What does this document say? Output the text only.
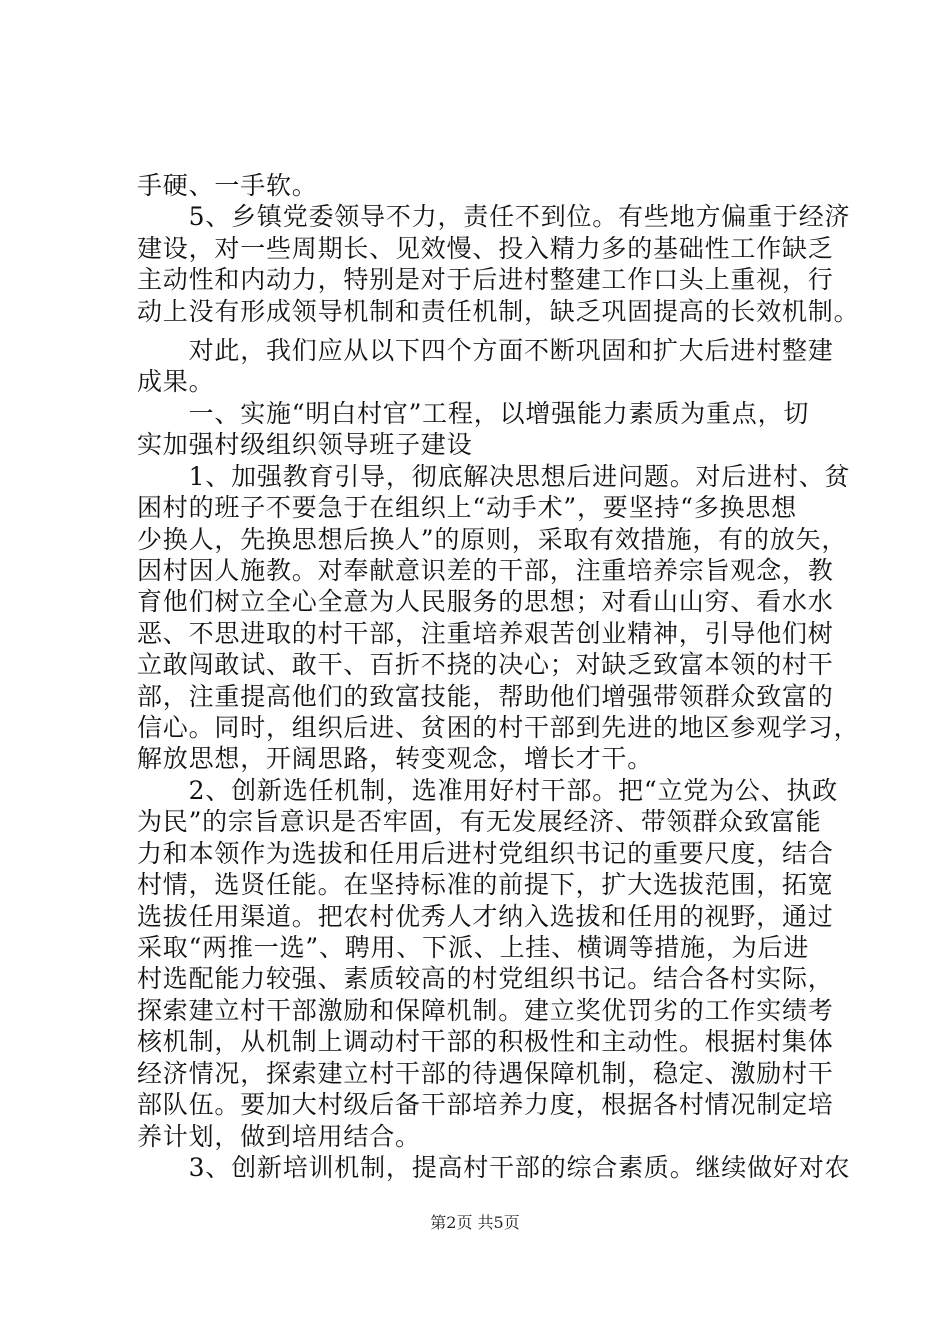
手硬、一手软。
　　5、乡镇党委领导不力，责任不到位。有些地方偏重于经济
建设，对一些周期长、见效慢、投入精力多的基础性工作缺乏
主动性和内动力，特别是对于后进村整建工作口头上重视，行
动上没有形成领导机制和责任机制，缺乏巩固提高的长效机制。
　　对此，我们应从以下四个方面不断巩固和扩大后进村整建
成果。
　　一、实施“明白村官”工程，以增强能力素质为重点，切
实加强村级组织领导班子建设
　　1、加强教育引导，彻底解决思想后进问题。对后进村、贫
困村的班子不要急于在组织上“动手术”，要坚持“多换思想
少换人，先换思想后换人”的原则，采取有效措施，有的放矢，
因村因人施教。对奉献意识差的干部，注重培养宗旨观念，教
育他们树立全心全意为人民服务的思想；对看山山穷、看水水
恶、不思进取的村干部，注重培养艰苦创业精神，引导他们树
立敢闯敢试、敢干、百折不挠的决心；对缺乏致富本领的村干
部，注重提高他们的致富技能，帮助他们增强带领群众致富的
信心。同时，组织后进、贫困的村干部到先进的地区参观学习，
解放思想，开阔思路，转变观念，增长才干。
　　2、创新选任机制，选准用好村干部。把“立党为公、执政
为民”的宗旨意识是否牢固，有无发展经济、带领群众致富能
力和本领作为选拔和任用后进村党组织书记的重要尺度，结合
村情，选贤任能。在坚持标准的前提下，扩大选拔范围，拓宽
选拔任用渠道。把农村优秀人才纳入选拔和任用的视野，通过
采取“两推一选”、聘用、下派、上挂、横调等措施，为后进
村选配能力较强、素质较高的村党组织书记。结合各村实际，
探索建立村干部激励和保障机制。建立奖优罚劣的工作实绩考
核机制，从机制上调动村干部的积极性和主动性。根据村集体
经济情况，探索建立村干部的待遇保障机制，稳定、激励村干
部队伍。要加大村级后备干部培养力度，根据各村情况制定培
养计划，做到培用结合。
　　3、创新培训机制，提高村干部的综合素质。继续做好对农
第2页 共5页
